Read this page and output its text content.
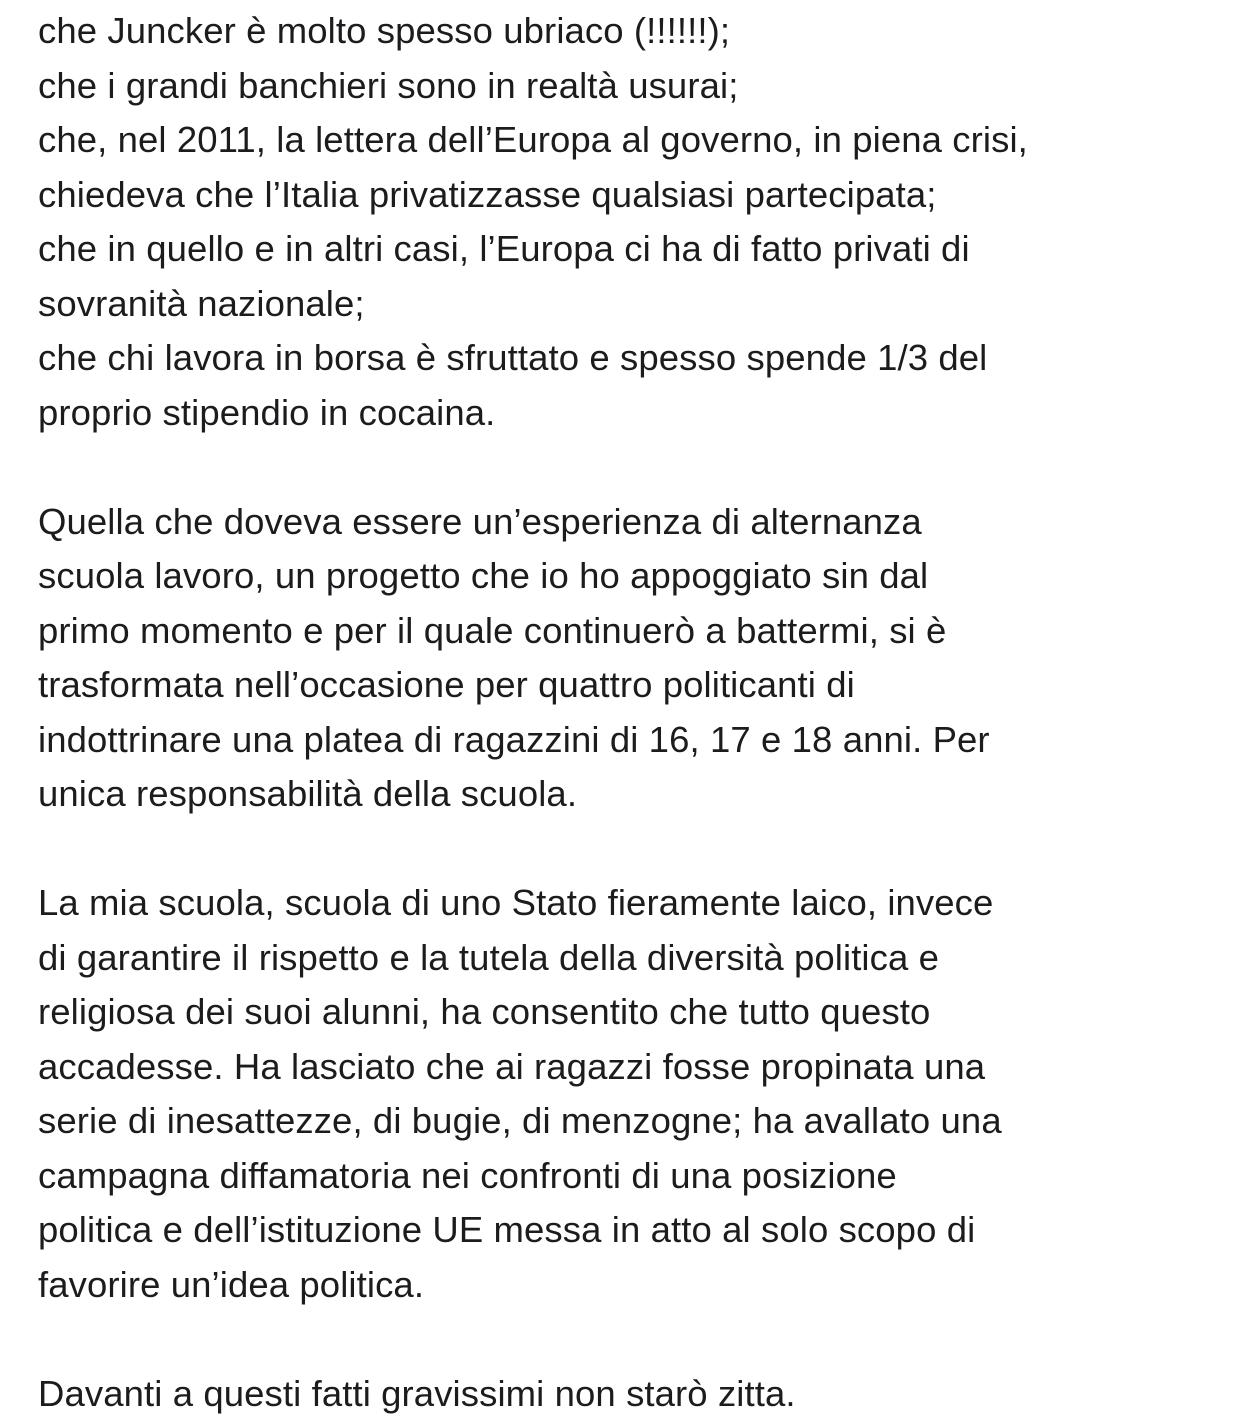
che Juncker è molto spesso ubriaco (!!!!!!);
che i grandi banchieri sono in realtà usurai;
che, nel 2011, la lettera dell’Europa al governo, in piena crisi,
chiedeva che l’Italia privatizzasse qualsiasi partecipata;
che in quello e in altri casi, l’Europa ci ha di fatto privati di
sovranità nazionale;
che chi lavora in borsa è sfruttato e spesso spende 1/3 del
proprio stipendio in cocaina.
Quella che doveva essere un’esperienza di alternanza
scuola lavoro, un progetto che io ho appoggiato sin dal
primo momento e per il quale continuerò a battermi, si è
trasformata nell’occasione per quattro politicanti di
indottrinare una platea di ragazzini di 16, 17 e 18 anni. Per
unica responsabilità della scuola.
La mia scuola, scuola di uno Stato fieramente laico, invece
di garantire il rispetto e la tutela della diversità politica e
religiosa dei suoi alunni, ha consentito che tutto questo
accadesse. Ha lasciato che ai ragazzi fosse propinata una
serie di inesattezze, di bugie, di menzogne; ha avallato una
campagna diffamatoria nei confronti di una posizione
politica e dell’istituzione UE messa in atto al solo scopo di
favorire un’idea politica.
Davanti a questi fatti gravissimi non starò zitta.
